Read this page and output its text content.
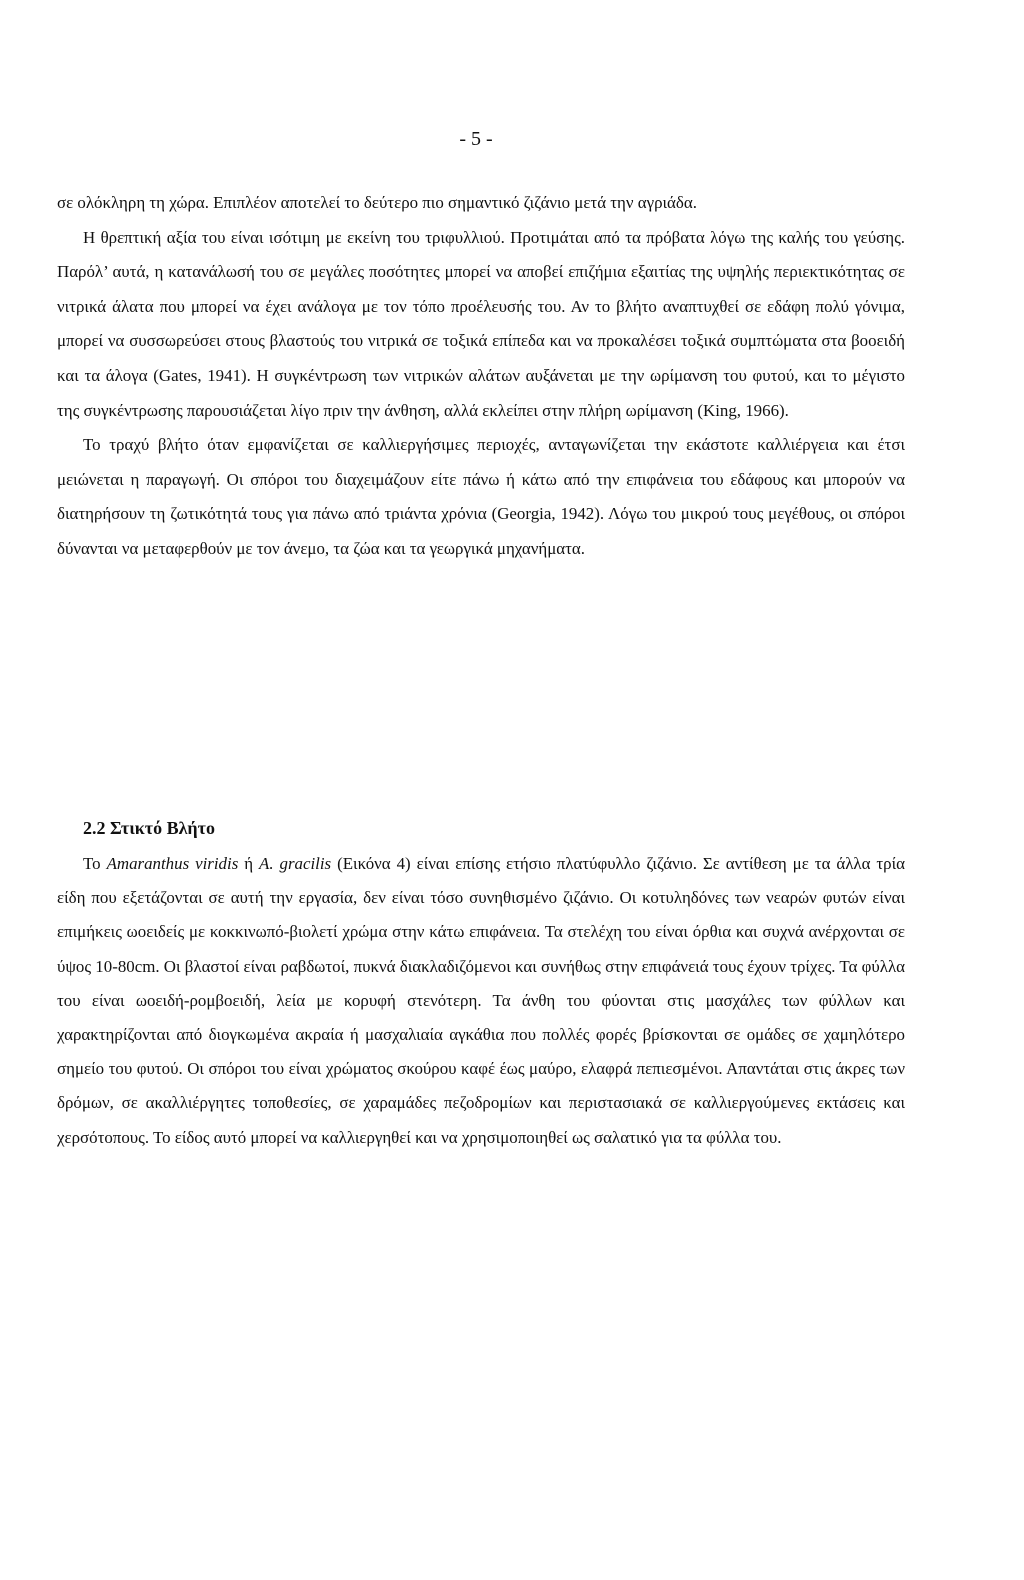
- 5 -

σε ολόκληρη τη χώρα. Επιπλέον αποτελεί το δεύτερο πιο σημαντικό ζιζάνιο μετά την αγριάδα.

Η θρεπτική αξία του είναι ισότιμη με εκείνη του τριφυλλιού. Προτιμάται από τα πρόβατα λόγω της καλής του γεύσης. Παρόλ’ αυτά, η κατανάλωσή του σε μεγάλες ποσότητες μπορεί να αποβεί επιζήμια εξαιτίας της υψηλής περιεκτικότητας σε νιτρικά άλατα που μπορεί να έχει ανάλογα με τον τόπο προέλευσής του. Αν το βλήτο αναπτυχθεί σε εδάφη πολύ γόνιμα, μπορεί να συσσωρεύσει στους βλαστούς του νιτρικά σε τοξικά επίπεδα και να προκαλέσει τοξικά συμπτώματα στα βοοειδή και τα άλογα (Gates, 1941). Η συγκέντρωση των νιτρικών αλάτων αυξάνεται με την ωρίμανση του φυτού, και το μέγιστο της συγκέντρωσης παρουσιάζεται λίγο πριν την άνθηση, αλλά εκλείπει στην πλήρη ωρίμανση (King, 1966).

Το τραχύ βλήτο όταν εμφανίζεται σε καλλιεργήσιμες περιοχές, ανταγωνίζεται την εκάστοτε καλλιέργεια και έτσι μειώνεται η παραγωγή. Οι σπόροι του διαχειμάζουν είτε πάνω ή κάτω από την επιφάνεια του εδάφους και μπορούν να διατηρήσουν τη ζωτικότητά τους για πάνω από τριάντα χρόνια (Georgia, 1942). Λόγω του μικρού τους μεγέθους, οι σπόροι δύνανται να μεταφερθούν με τον άνεμο, τα ζώα και τα γεωργικά μηχανήματα.

2.2 Στικτό Βλήτο

Το Amaranthus viridis ή A. gracilis (Εικόνα 4) είναι επίσης ετήσιο πλατύφυλλο ζιζάνιο. Σε αντίθεση με τα άλλα τρία είδη που εξετάζονται σε αυτή την εργασία, δεν είναι τόσο συνηθισμένο ζιζάνιο. Οι κοτυληδόνες των νεαρών φυτών είναι επιμήκεις ωοειδείς με κοκκινωπό-βιολετί χρώμα στην κάτω επιφάνεια. Τα στελέχη του είναι όρθια και συχνά ανέρχονται σε ύψος 10-80cm. Οι βλαστοί είναι ραβδωτοί, πυκνά διακλαδιζόμενοι και συνήθως στην επιφάνειά τους έχουν τρίχες. Τα φύλλα του είναι ωοειδή-ρομβοειδή, λεία με κορυφή στενότερη. Τα άνθη του φύονται στις μασχάλες των φύλλων και χαρακτηρίζονται από διογκωμένα ακραία ή μασχαλιαία αγκάθια που πολλές φορές βρίσκονται σε ομάδες σε χαμηλότερο σημείο του φυτού. Οι σπόροι του είναι χρώματος σκούρου καφέ έως μαύρο, ελαφρά πεπιεσμένοι. Απαντάται στις άκρες των δρόμων, σε ακαλλιέργητες τοποθεσίες, σε χαραμάδες πεζοδρομίων και περιστασιακά σε καλλιεργούμενες εκτάσεις και χερσότοπους. Το είδος αυτό μπορεί να καλλιεργηθεί και να χρησιμοποιηθεί ως σαλατικό για τα φύλλα του.
